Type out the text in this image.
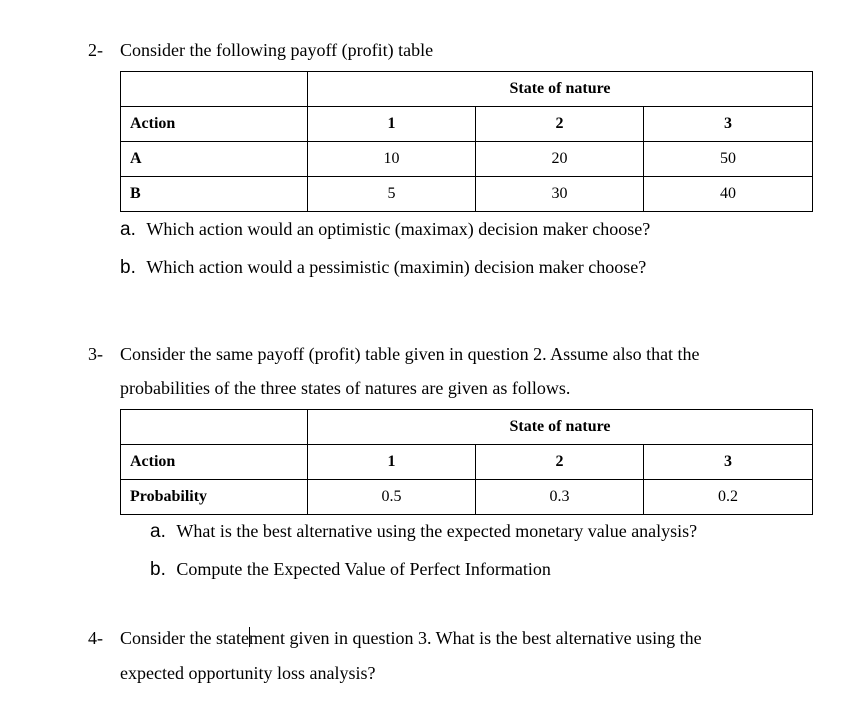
2- Consider the following payoff (profit) table
	State of nature		
Action	1	2	3
A	10	20	50
B	5	30	40
a. Which action would an optimistic (maximax) decision maker choose?
b. Which action would a pessimistic (maximin) decision maker choose?
3- Consider the same payoff (profit) table given in question 2. Assume also that the
probabilities of the three states of natures are given as follows.
	State of nature		
Action	1	2	3
Probability	0.5	0.3	0.2
a. What is the best alternative using the expected monetary value analysis?
b. Compute the Expected Value of Perfect Information
4- Consider the statement given in question 3. What is the best alternative using the
expected opportunity loss analysis?
